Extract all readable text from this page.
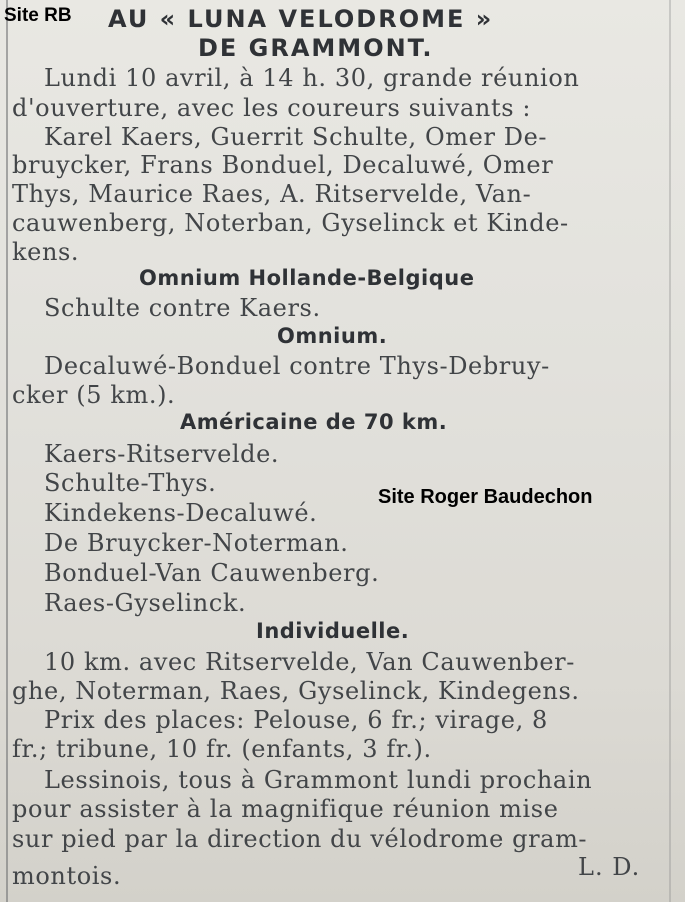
Site RB AU « LUNA VELODROME »
DE GRAMMONT.
Lundi 10 avril, à 14 h. 30, grande réunion
d'ouverture, avec les coureurs suivants :
Karel Kaers, Guerrit Schulte, Omer De-
bruycker, Frans Bonduel, Decaluwé, Omer
Thys, Maurice Raes, A. Ritservelde, Van-
cauwenberg, Noterban, Gyselinck et Kinde-
kens.
Omnium Hollande-Belgique
Schulte contre Kaers.
Omnium.
Decaluwé-Bonduel contre Thys-Debruy-
cker (5 km.).
Américaine de 70 km.
Kaers-Ritservelde.
Schulte-Thys.
Kindekens-Decaluwé.
De Bruycker-Noterman.
Bonduel-Van Cauwenberg.
Raes-Gyselinck.
Site Roger Baudechon
Individuelle.
10 km. avec Ritservelde, Van Cauwenber-
ghe, Noterman, Raes, Gyselinck, Kindegens.
Prix des places: Pelouse, 6 fr.; virage, 8
fr.; tribune, 10 fr. (enfants, 3 fr.).
Lessinois, tous à Grammont lundi prochain
pour assister à la magnifique réunion mise
sur pied par la direction du vélodrome gram-
montois.	L. D.
